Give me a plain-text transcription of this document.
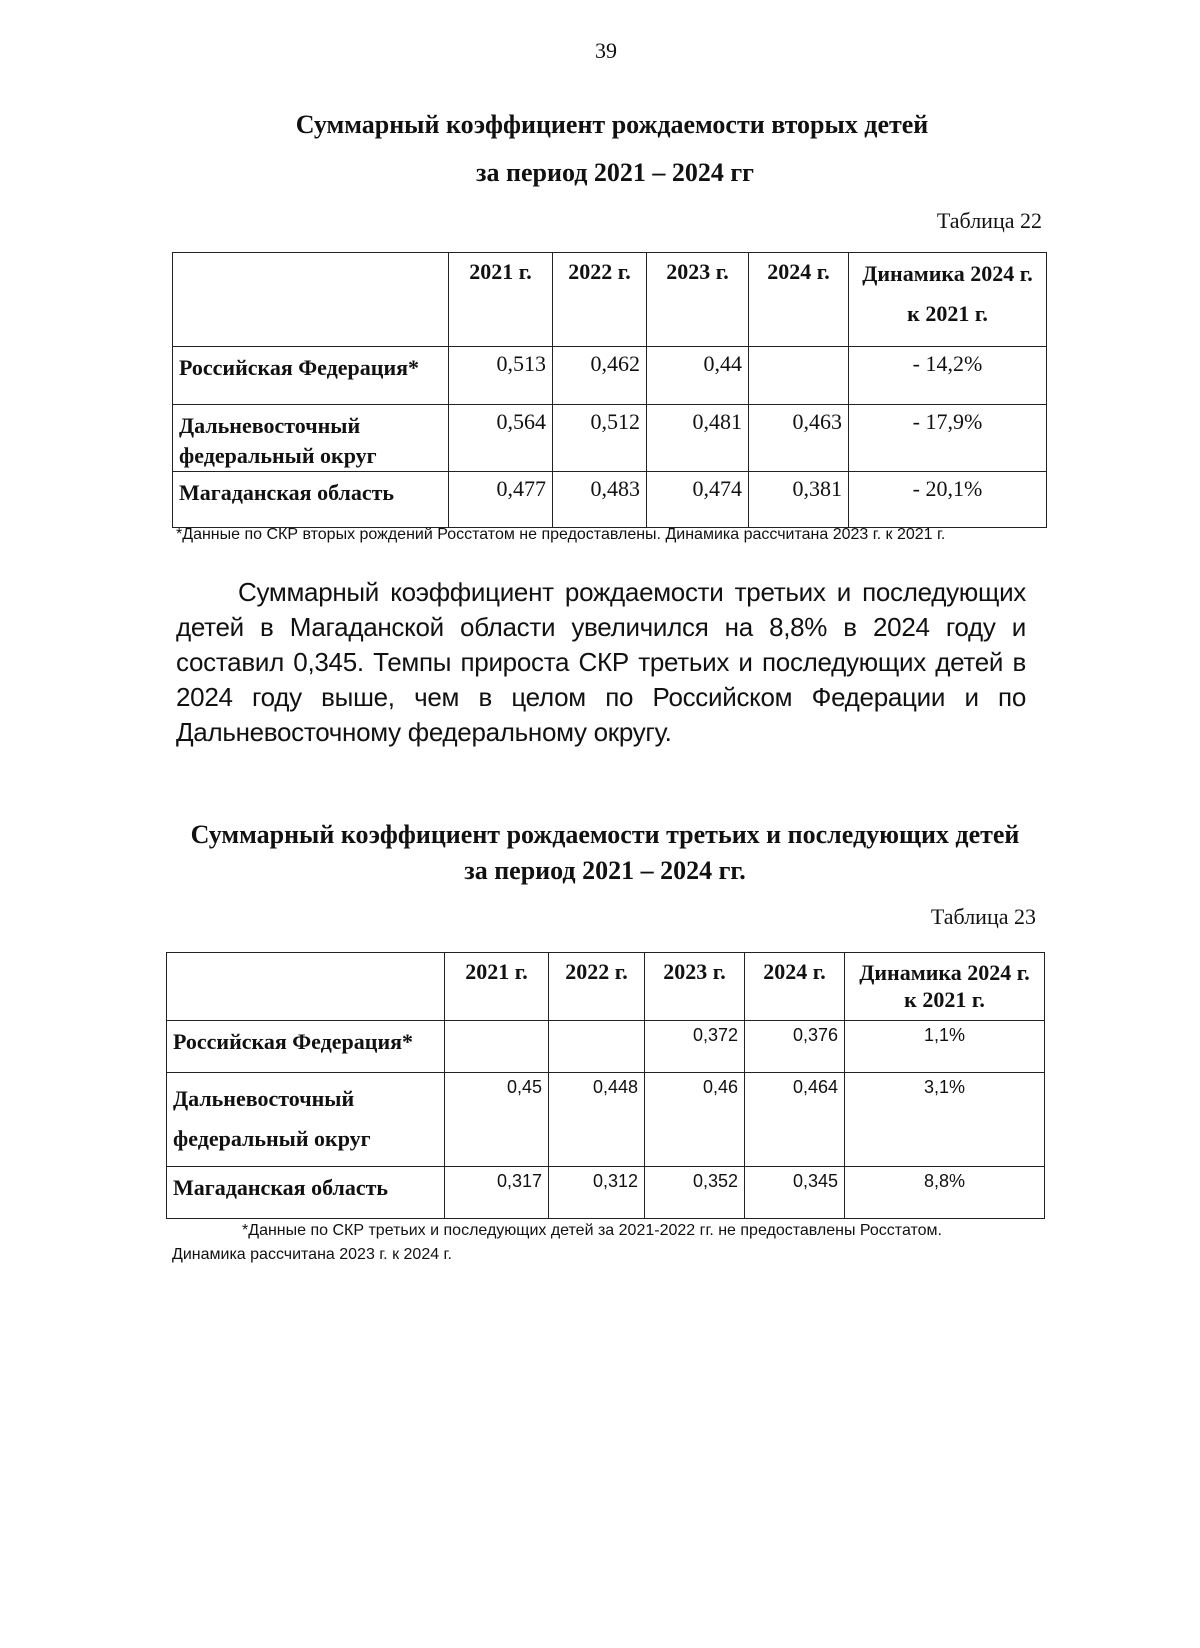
39
Суммарный коэффициент рождаемости вторых детей
за период 2021 – 2024 гг
Таблица 22
	2021 г.	2022 г.	2023 г.	2024 г.	Динамика 2024 г.
к 2021 г.

Российская Федерация*	0,513	0,462	0,44		- 14,2%
Дальневосточный федеральный округ	0,564	0,512	0,481	0,463	- 17,9%
Магаданская область	0,477	0,483	0,474	0,381	- 20,1%
*Данные по СКР вторых рождений Росстатом не предоставлены. Динамика рассчитана 2023 г. к 2021 г.
Суммарный коэффициент рождаемости третьих и последующих детей в Магаданской области увеличился на 8,8% в 2024 году и составил 0,345. Темпы прироста СКР третьих и последующих детей в 2024 году выше, чем в целом по Российском Федерации и по Дальневосточному федеральному округу.
Суммарный коэффициент рождаемости третьих и последующих детей
за период 2021 – 2024 гг.
Таблица 23
	2021 г.	2022 г.	2023 г.	2024 г.	Динамика 2024 г.
к 2021 г.

Российская Федерация*			0,372	0,376	1,1%

Дальневосточный
федеральный округ	0,45	0,448	0,46	0,464	3,1%
Магаданская область	0,317	0,312	0,352	0,345	8,8%
*Данные по СКР третьих и последующих детей за 2021-2022 гг. не предоставлены Росстатом.
Динамика рассчитана 2023 г. к 2024 г.
